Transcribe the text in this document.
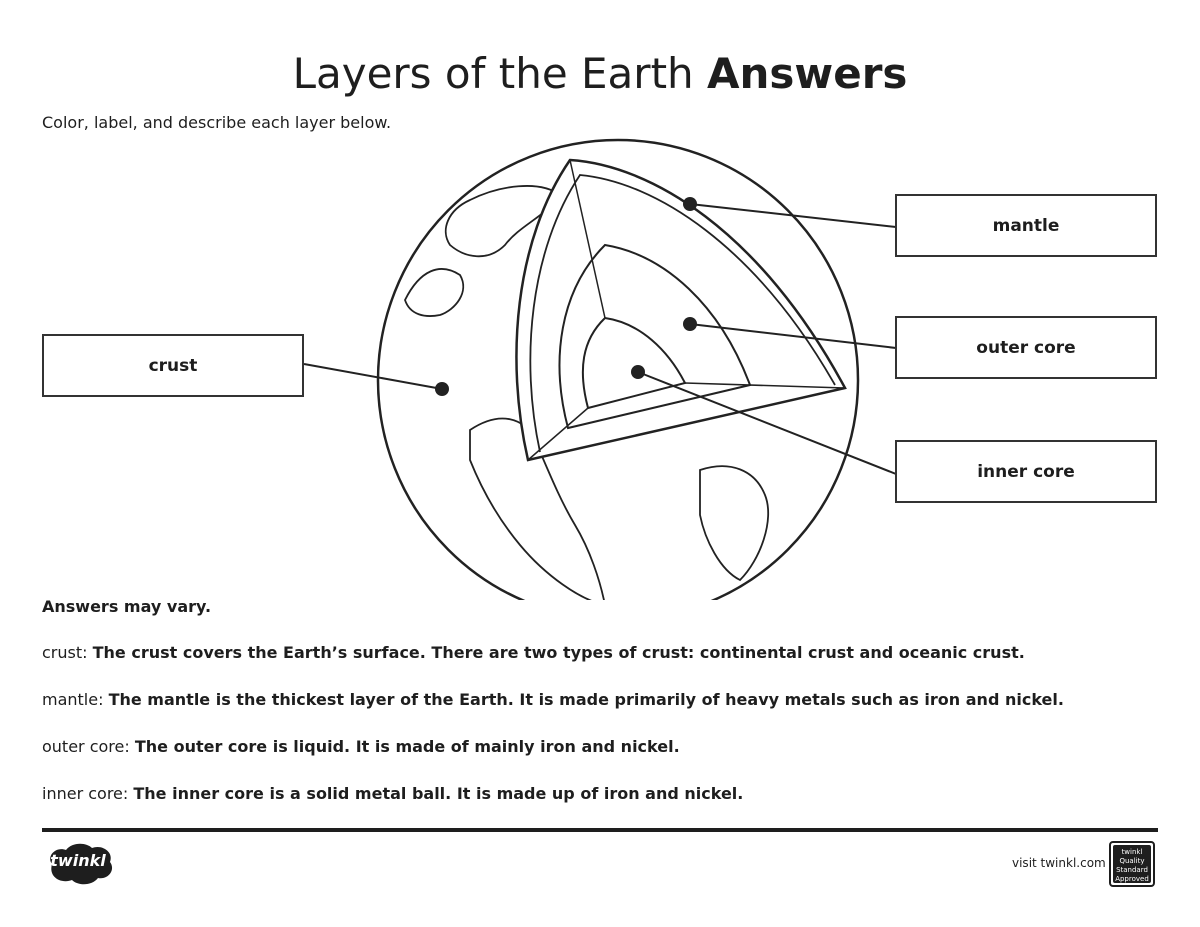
Layers of the Earth Answers
Color, label, and describe each layer below.
crust
mantle
outer core
inner core
Answers may vary.
crust: The crust covers the Earth’s surface. There are two types of crust: continental crust and oceanic crust.
mantle: The mantle is the thickest layer of the Earth. It is made primarily of heavy metals such as iron and nickel.
outer core: The outer core is liquid. It is made of mainly iron and nickel.
inner core: The inner core is a solid metal ball. It is made up of iron and nickel.
twinkl	visit twinkl.com
twinkl Quality Standard Approved
